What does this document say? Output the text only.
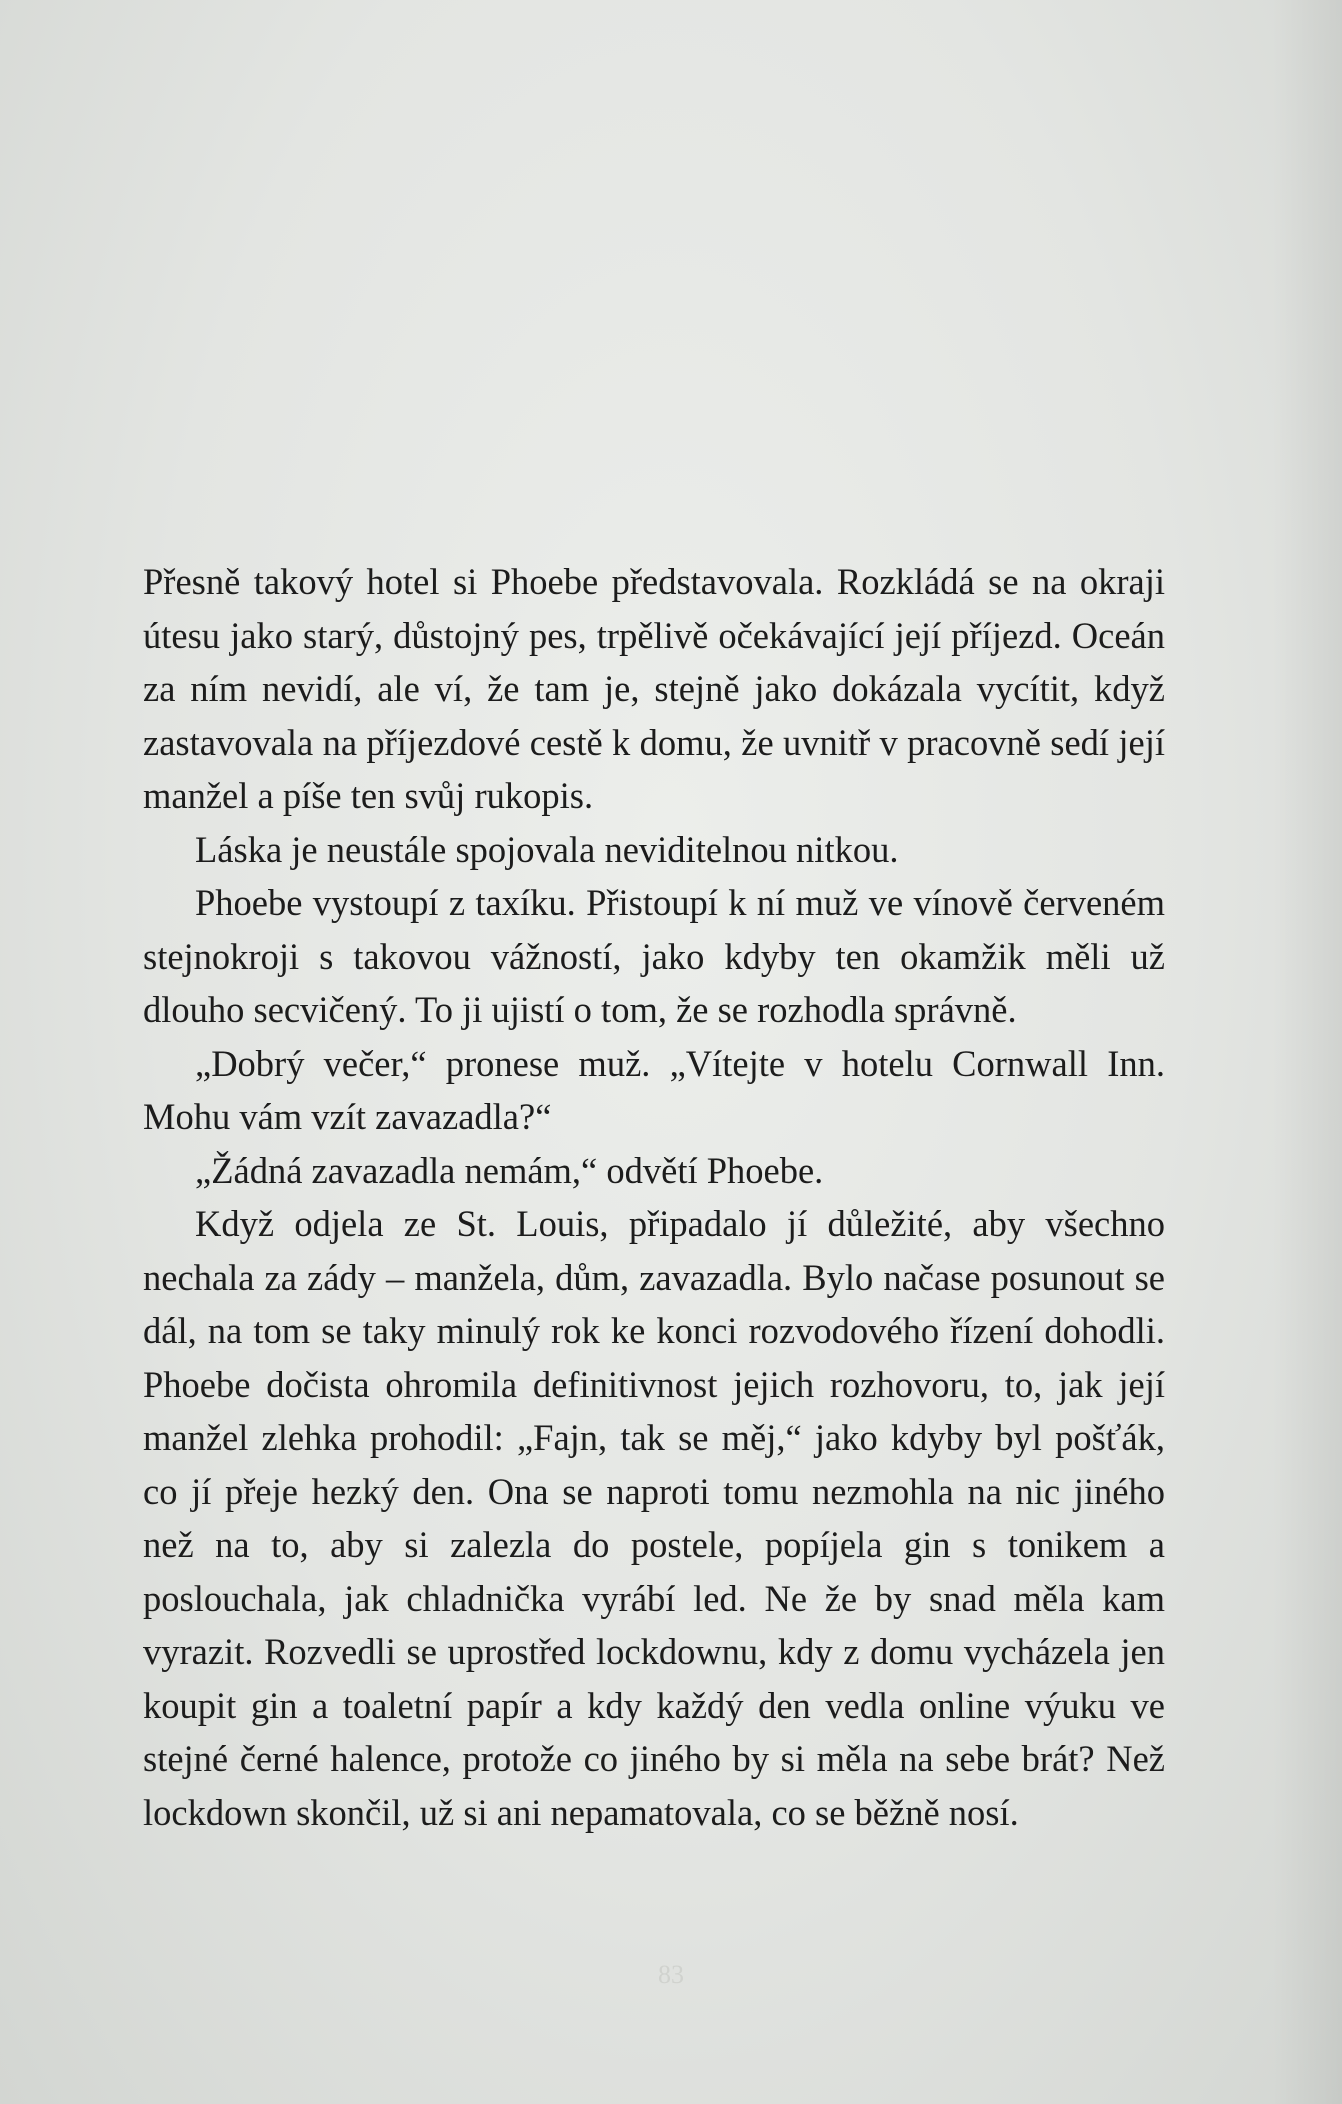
Přesně takový hotel si Phoebe představovala. Rozkládá se na okraji útesu jako starý, důstojný pes, trpělivě očekávající její příjezd. Oceán za ním nevidí, ale ví, že tam je, stejně jako dokázala vycítit, když zastavovala na příjezdové cestě k domu, že uvnitř v pracovně sedí její manžel a píše ten svůj rukopis.

Láska je neustále spojovala neviditelnou nitkou.

Phoebe vystoupí z taxíku. Přistoupí k ní muž ve vínově červeném stejnokroji s takovou vážností, jako kdyby ten okamžik měli už dlouho secvičený. To ji ujistí o tom, že se rozhodla správně.

„Dobrý večer,“ pronese muž. „Vítejte v hotelu Cornwall Inn. Mohu vám vzít zavazadla?“

„Žádná zavazadla nemám,“ odvětí Phoebe.

Když odjela ze St. Louis, připadalo jí důležité, aby všechno nechala za zády – manžela, dům, zavazadla. Bylo načase posunout se dál, na tom se taky minulý rok ke konci rozvodového řízení dohodli. Phoebe dočista ohromila definitivnost jejich rozhovoru, to, jak její manžel zlehka prohodil: „Fajn, tak se měj,“ jako kdyby byl pošťák, co jí přeje hezký den. Ona se naproti tomu nezmohla na nic jiného než na to, aby si zalezla do postele, popíjela gin s tonikem a poslouchala, jak chladnička vyrábí led. Ne že by snad měla kam vyrazit. Rozvedli se uprostřed lockdownu, kdy z domu vycházela jen koupit gin a toaletní papír a kdy každý den vedla online výuku ve stejné černé halence, protože co jiného by si měla na sebe brát? Než lockdown skončil, už si ani nepamatovala, co se běžně nosí.

83
